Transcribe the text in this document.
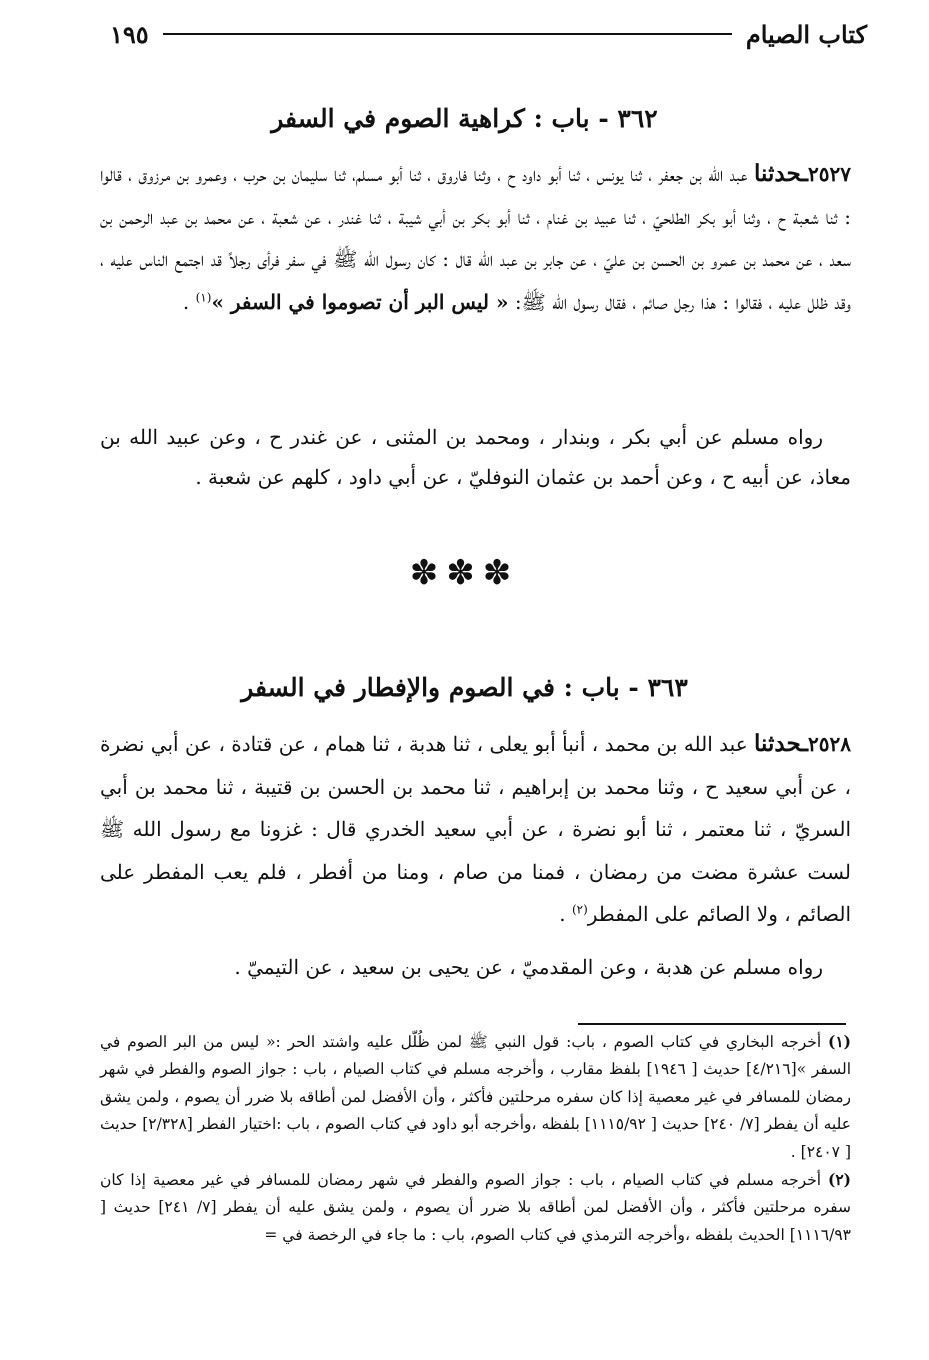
كتاب الصيام
١٩٥
٣٦٢ - باب : كراهية الصوم في السفر
٢٥٢٧ـحدثنا عبد الله بن جعفر ، ثنا يونس ، ثنا أبو داود ح ، وثنا فاروق ، ثنا أبو مسلم، ثنا سليمان بن حرب ، وعمرو بن مرزوق ، قالوا : ثنا شعبة ح ، وثنا أبو بكر الطلحيّ ، ثنا عبيد بن غنام ، ثنا أبو بكر بن أبي شيبة ، ثنا غندر ، عن شعبة ، عن محمد بن عبد الرحمن بن سعد ، عن محمد بن عمرو بن الحسن بن عليّ ، عن جابر بن عبد الله قال : كان رسول الله ﷺ في سفر فرأى رجلاً قد اجتمع الناس عليه ، وقد ظلل عليه ، فقالوا : هذا رجل صائم ، فقال رسول الله ﷺ: « ليس البر أن تصوموا في السفر »$^{(١)}$ .
رواه مسلم عن أبي بكر ، وبندار ، ومحمد بن المثنى ، عن غندر ح ، وعن عبيد الله بن معاذ، عن أبيه ح ، وعن أحمد بن عثمان النوفليّ ، عن أبي داود ، كلهم عن شعبة .
✽✽✽
٣٦٣ - باب : في الصوم والإفطار في السفر
٢٥٢٨ـحدثنا عبد الله بن محمد ، أنبأ أبو يعلى ، ثنا هدبة ، ثنا همام ، عن قتادة ، عن أبي نضرة ، عن أبي سعيد ح ، وثنا محمد بن إبراهيم ، ثنا محمد بن الحسن بن قتيبة ، ثنا محمد بن أبي السريّ ، ثنا معتمر ، ثنا أبو نضرة ، عن أبي سعيد الخدري قال : غزونا مع رسول الله ﷺ لست عشرة مضت من رمضان ، فمنا من صام ، ومنا من أفطر ، فلم يعب المفطر على الصائم ، ولا الصائم على المفطر$^{(٢)}$ .
رواه مسلم عن هدبة ، وعن المقدميّ ، عن يحيى بن سعيد ، عن التيميّ .

(١) أخرجه البخاري في كتاب الصوم ، باب: قول النبي ﷺ لمن ظُلّل عليه واشتد الحر :« ليس من البر الصوم في السفر »[٤/٢١٦] حديث [ ١٩٤٦] بلفظ مقارب ، وأخرجه مسلم في كتاب الصيام ، باب : جواز الصوم والفطر في شهر رمضان للمسافر في غير معصية إذا كان سفره مرحلتين فأكثر ، وأن الأفضل لمن أطاقه بلا ضرر أن يصوم ، ولمن يشق عليه أن يفطر [٧/ ٢٤٠] حديث [ ١١١٥/٩٢] بلفظه ،وأخرجه أبو داود في كتاب الصوم ، باب :اختيار الفطر [٢/٣٢٨] حديث [ ٢٤٠٧] .

(٢) أخرجه مسلم في كتاب الصيام ، باب : جواز الصوم والفطر في شهر رمضان للمسافر في غير معصية إذا كان سفره مرحلتين فأكثر ، وأن الأفضل لمن أطاقه بلا ضرر أن يصوم ، ولمن يشق عليه أن يفطر [٧/ ٢٤١] حديث [ ١١١٦/٩٣] الحديث بلفظه ،وأخرجه الترمذي في كتاب الصوم، باب : ما جاء في الرخصة في =
